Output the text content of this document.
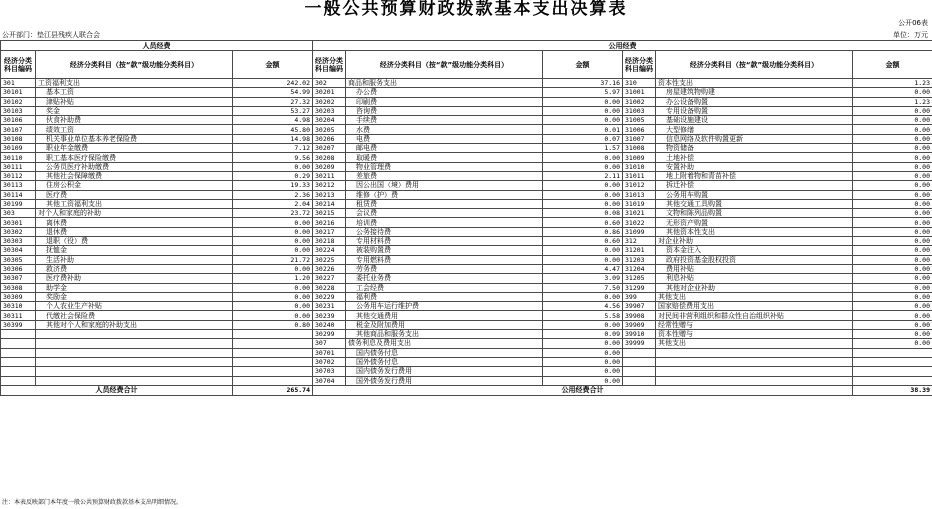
一般公共预算财政拨款基本支出决算表
公开06表
公开部门：垫江县残疾人联合会	单位：万元
人员经费			公用经费					
经济分类科目编码	经济分类科目（按“款”级功能分类科目）	金额	经济分类科目编码	经济分类科目（按“款”级功能分类科目）	金额	经济分类科目编码	经济分类科目（按“款”级功能分类科目）	金额
301	工资福利支出	242.02	302	商品和服务支出	37.16	310	资本性支出	1.23
30101	基本工资	54.99	30201	办公费	5.97	31001	房屋建筑物购建	0.00
30102	津贴补贴	27.32	30202	印刷费	0.00	31002	办公设备购置	1.23
30103	奖金	53.27	30203	咨询费	0.00	31003	专用设备购置	0.00
30106	伙食补助费	4.98	30204	手续费	0.00	31005	基础设施建设	0.00
30107	绩效工资	45.80	30205	水费	0.01	31006	大型修缮	0.00
30108	机关事业单位基本养老保险费	14.98	30206	电费	0.07	31007	信息网络及软件购置更新	0.00
30109	职业年金缴费	7.12	30207	邮电费	1.57	31008	物资储备	0.00
30110	职工基本医疗保险缴费	9.56	30208	取暖费	0.00	31009	土地补偿	0.00
30111	公务员医疗补助缴费	0.00	30209	物业管理费	0.00	31010	安置补助	0.00
30112	其他社会保障缴费	0.29	30211	差旅费	2.11	31011	地上附着物和青苗补偿	0.00
30113	住房公积金	19.33	30212	因公出国（境）费用	0.00	31012	拆迁补偿	0.00
30114	医疗费	2.36	30213	维修（护）费	0.00	31013	公务用车购置	0.00
30199	其他工资福利支出	2.04	30214	租赁费	0.00	31019	其他交通工具购置	0.00
303	对个人和家庭的补助	23.72	30215	会议费	0.08	31021	文物和陈列品购置	0.00
30301	离休费	0.00	30216	培训费	0.60	31022	无形资产购置	0.00
30302	退休费	0.00	30217	公务接待费	0.86	31099	其他资本性支出	0.00
30303	退职（役）费	0.00	30218	专用材料费	0.60	312	对企业补助	0.00
30304	抚恤金	0.00	30224	被装购置费	0.00	31201	资本金注入	0.00
30305	生活补助	21.72	30225	专用燃料费	0.00	31203	政府投资基金股权投资	0.00
30306	救济费	0.00	30226	劳务费	4.47	31204	费用补贴	0.00
30307	医疗费补助	1.20	30227	委托业务费	3.09	31205	利息补贴	0.00
30308	助学金	0.00	30228	工会经费	7.50	31299	其他对企业补助	0.00
30309	奖励金	0.00	30229	福利费	0.00	399	其他支出	0.00
30310	个人农业生产补贴	0.00	30231	公务用车运行维护费	4.56	39907	国家赔偿费用支出	0.00
30311	代缴社会保险费	0.00	30239	其他交通费用	5.58	39908	对民间非营利组织和群众性自治组织补贴	0.00
30399	其他对个人和家庭的补助支出	0.80	30240	税金及附加费用	0.00	39909	经常性赠与	0.00
			30299	其他商品和服务支出	0.09	39910	资本性赠与	0.00
			307	债务利息及费用支出	0.00	39999	其他支出	0.00
			30701	国内债务付息	0.00			
			30702	国外债务付息	0.00			
			30703	国内债务发行费用	0.00			
			30704	国外债务发行费用	0.00			
人员经费合计		265.74	公用经费合计					38.39
注：本表反映部门本年度一般公共预算财政拨款基本支出明细情况。
